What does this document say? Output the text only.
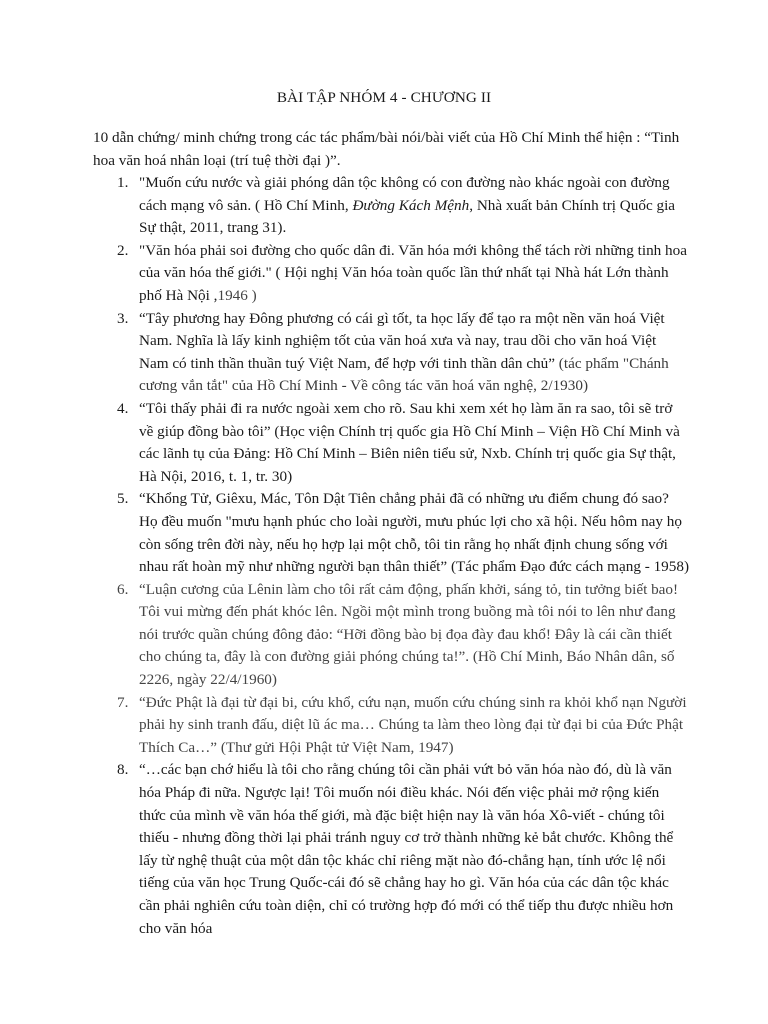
BÀI TẬP NHÓM 4 - CHƯƠNG II

10 dẫn chứng/ minh chứng trong các tác phẩm/bài nói/bài viết của Hồ Chí Minh thể hiện : “Tinh hoa văn hoá nhân loại (trí tuệ thời đại )”.

1. "Muốn cứu nước và giải phóng dân tộc không có con đường nào khác ngoài con đường cách mạng vô sản. ( Hồ Chí Minh, Đường Kách Mệnh, Nhà xuất bản Chính trị Quốc gia Sự thật, 2011, trang 31).
2. "Văn hóa phải soi đường cho quốc dân đi. Văn hóa mới không thể tách rời những tinh hoa của văn hóa thế giới." ( Hội nghị Văn hóa toàn quốc lần thứ nhất tại Nhà hát Lớn thành phố Hà Nội ,1946 )
3. “Tây phương hay Đông phương có cái gì tốt, ta học lấy để tạo ra một nền văn hoá Việt Nam. Nghĩa là lấy kinh nghiệm tốt của văn hoá xưa và nay, trau dồi cho văn hoá Việt Nam có tinh thần thuần tuý Việt Nam, để hợp với tinh thần dân chủ” (tác phẩm "Chánh cương vắn tắt" của Hồ Chí Minh - Về công tác văn hoá văn nghệ, 2/1930)
4. “Tôi thấy phải đi ra nước ngoài xem cho rõ. Sau khi xem xét họ làm ăn ra sao, tôi sẽ trở về giúp đồng bào tôi” (Học viện Chính trị quốc gia Hồ Chí Minh – Viện Hồ Chí Minh và các lãnh tụ của Đảng: Hồ Chí Minh – Biên niên tiểu sử, Nxb. Chính trị quốc gia Sự thật, Hà Nội, 2016, t. 1, tr. 30)
5. “Khổng Tử, Giêxu, Mác, Tôn Dật Tiên chẳng phải đã có những ưu điểm chung đó sao? Họ đều muốn "mưu hạnh phúc cho loài người, mưu phúc lợi cho xã hội. Nếu hôm nay họ còn sống trên đời này, nếu họ hợp lại một chỗ, tôi tin rằng họ nhất định chung sống với nhau rất hoàn mỹ như những người bạn thân thiết” (Tác phẩm Đạo đức cách mạng - 1958)
6. “Luận cương của Lênin làm cho tôi rất cảm động, phấn khởi, sáng tỏ, tin tưởng biết bao! Tôi vui mừng đến phát khóc lên. Ngồi một mình trong buồng mà tôi nói to lên như đang nói trước quần chúng đông đảo: “Hỡi đồng bào bị đọa đày đau khổ! Đây là cái cần thiết cho chúng ta, đây là con đường giải phóng chúng ta!”. (Hồ Chí Minh, Báo Nhân dân, số 2226, ngày 22/4/1960)
7. “Đức Phật là đại từ đại bi, cứu khổ, cứu nạn, muốn cứu chúng sinh ra khỏi khổ nạn Người phải hy sinh tranh đấu, diệt lũ ác ma… Chúng ta làm theo lòng đại từ đại bi của Đức Phật Thích Ca…” (Thư gửi Hội Phật tử Việt Nam, 1947)
8. “…các bạn chớ hiểu là tôi cho rằng chúng tôi cần phải vứt bỏ văn hóa nào đó, dù là văn hóa Pháp đi nữa. Ngược lại! Tôi muốn nói điều khác. Nói đến việc phải mở rộng kiến thức của mình về văn hóa thế giới, mà đặc biệt hiện nay là văn hóa Xô-viết - chúng tôi thiếu - nhưng đồng thời lại phải tránh nguy cơ trở thành những kẻ bắt chước. Không thể lấy từ nghệ thuật của một dân tộc khác chỉ riêng mặt nào đó-chẳng hạn, tính ước lệ nổi tiếng của văn học Trung Quốc-cái đó sẽ chẳng hay ho gì. Văn hóa của các dân tộc khác cần phải nghiên cứu toàn diện, chỉ có trường hợp đó mới có thể tiếp thu được nhiều hơn cho văn hóa
